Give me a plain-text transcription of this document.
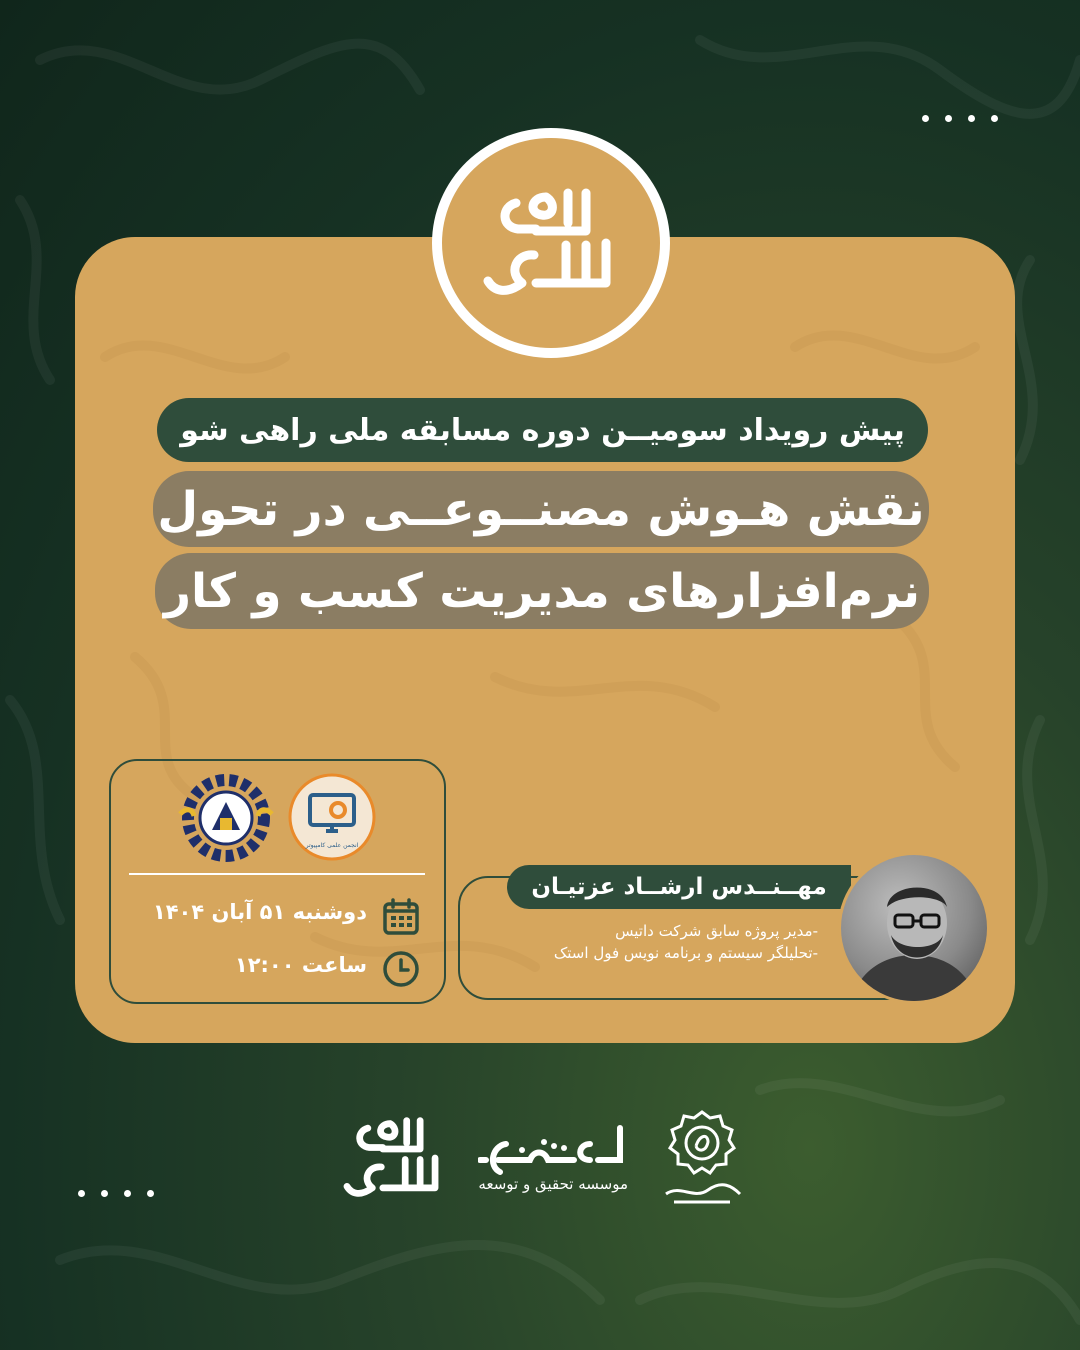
پیش رویداد سومیــن دوره مسابقه ملی راهی شو
نقش هـوش مصنــوعــی در تحول
نرم‌افزارهای مدیریت کسب و کار
انجمن علمی کامپیوتر
دوشنبه ۵۱ آبان ۱۴۰۴
ساعت ۱۲:۰۰
مهــنــدس ارشــاد عزتیـان
-مدیر پروژه سابق شرکت داتیس
-تحلیلگر سیستم و برنامه نویس فول استک
موسسه تحقیق و توسعه
